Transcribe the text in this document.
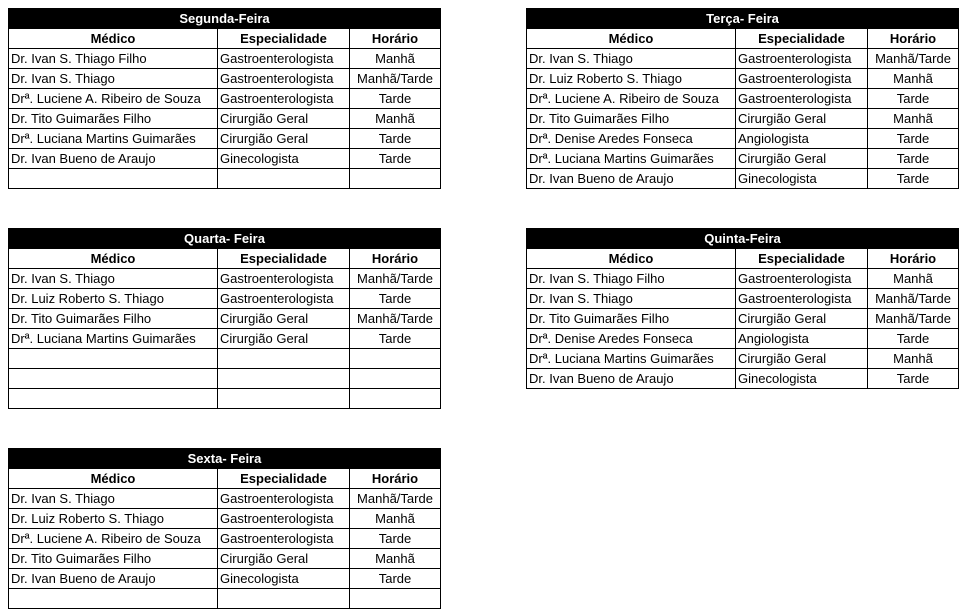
Segunda-Feira		
Médico	Especialidade	Horário
Dr. Ivan S. Thiago Filho	Gastroenterologista	Manhã
Dr. Ivan S. Thiago	Gastroenterologista	Manhã/Tarde
Drª. Luciene A. Ribeiro de Souza	Gastroenterologista	Tarde
Dr. Tito Guimarães Filho	Cirurgião Geral	Manhã
Drª. Luciana Martins Guimarães	Cirurgião Geral	Tarde
Dr. Ivan Bueno de Araujo	Ginecologista	Tarde

Terça- Feira		
Médico	Especialidade	Horário
Dr. Ivan S. Thiago	Gastroenterologista	Manhã/Tarde
Dr. Luiz Roberto S. Thiago	Gastroenterologista	Manhã
Drª. Luciene A. Ribeiro de Souza	Gastroenterologista	Tarde
Dr. Tito Guimarães Filho	Cirurgião Geral	Manhã
Drª. Denise Aredes Fonseca	Angiologista	Tarde
Drª. Luciana Martins Guimarães	Cirurgião Geral	Tarde
Dr. Ivan Bueno de Araujo	Ginecologista	Tarde
Quarta- Feira		
Médico	Especialidade	Horário
Dr. Ivan S. Thiago	Gastroenterologista	Manhã/Tarde
Dr. Luiz Roberto S. Thiago	Gastroenterologista	Tarde
Dr. Tito Guimarães Filho	Cirurgião Geral	Manhã/Tarde
Drª. Luciana Martins Guimarães	Cirurgião Geral	Tarde

Quinta-Feira		
Médico	Especialidade	Horário
Dr. Ivan S. Thiago Filho	Gastroenterologista	Manhã
Dr. Ivan S. Thiago	Gastroenterologista	Manhã/Tarde
Dr. Tito Guimarães Filho	Cirurgião Geral	Manhã/Tarde
Drª. Denise Aredes Fonseca	Angiologista	Tarde
Drª. Luciana Martins Guimarães	Cirurgião Geral	Manhã
Dr. Ivan Bueno de Araujo	Ginecologista	Tarde
Sexta- Feira		
Médico	Especialidade	Horário
Dr. Ivan S. Thiago	Gastroenterologista	Manhã/Tarde
Dr. Luiz Roberto S. Thiago	Gastroenterologista	Manhã
Drª. Luciene A. Ribeiro de Souza	Gastroenterologista	Tarde
Dr. Tito Guimarães Filho	Cirurgião Geral	Manhã
Dr. Ivan Bueno de Araujo	Ginecologista	Tarde
